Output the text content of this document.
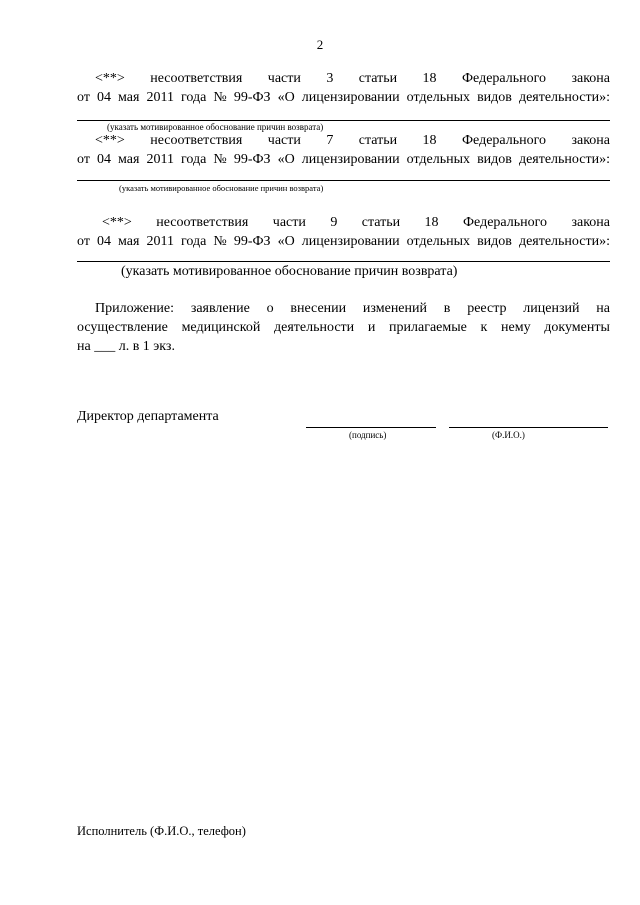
2
<**> несоответствия части 3 статьи 18 Федерального закона
от 04 мая 2011 года № 99-ФЗ «О лицензировании отдельных видов деятельности»:
(указать мотивированное обоснование причин возврата)
<**> несоответствия части 7 статьи 18 Федерального закона
от 04 мая 2011 года № 99-ФЗ «О лицензировании отдельных видов деятельности»:
(указать мотивированное обоснование причин возврата)
<**> несоответствия части 9 статьи 18 Федерального закона
от 04 мая 2011 года № 99-ФЗ «О лицензировании отдельных видов деятельности»:
(указать мотивированное обоснование причин возврата)
Приложение: заявление о внесении изменений в реестр лицензий на
осуществление медицинской деятельности и прилагаемые к нему документы
на ___ л. в 1 экз.
Директор департамента
(подпись)	(Ф.И.О.)
Исполнитель (Ф.И.О., телефон)
